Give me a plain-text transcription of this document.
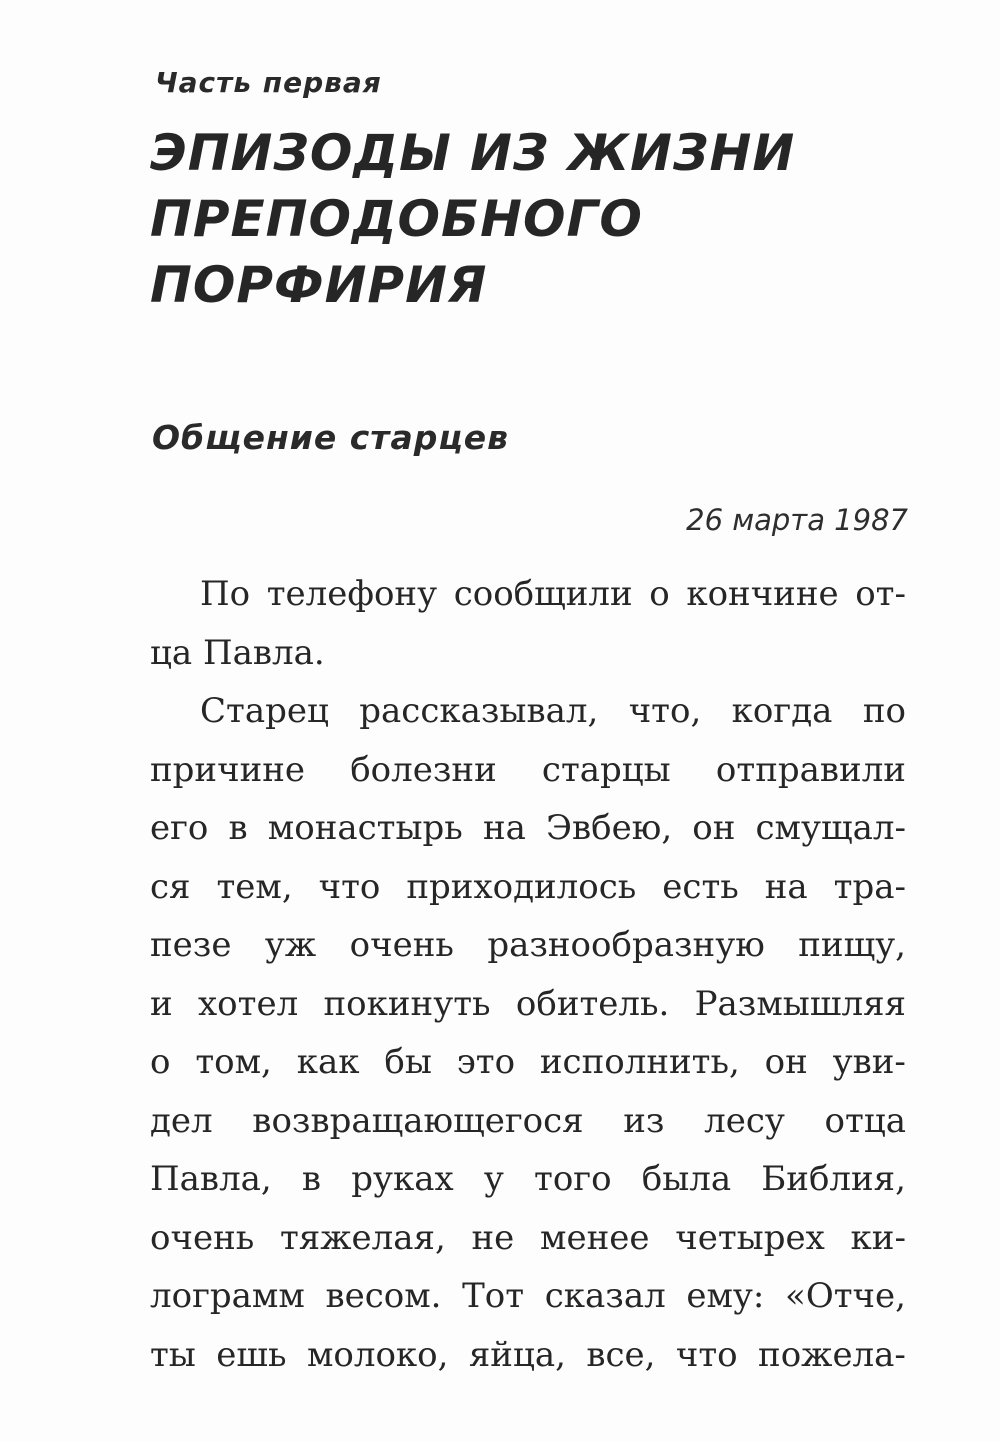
Часть первая
ЭПИЗОДЫ ИЗ ЖИЗНИ
ПРЕПОДОБНОГО ПОРФИРИЯ
Общение старцев
26 марта 1987
По телефону сообщили о кончине от-
ца Павла.
Старец рассказывал, что, когда по
причине болезни старцы отправили
его в монастырь на Эвбею, он смущал-
ся тем, что приходилось есть на тра-
пезе уж очень разнообразную пищу,
и хотел покинуть обитель. Размышляя
о том, как бы это исполнить, он уви-
дел возвращающегося из лесу отца
Павла, в руках у того была Библия,
очень тяжелая, не менее четырех ки-
лограмм весом. Тот сказал ему: «Отче,
ты ешь молоко, яйца, все, что пожела-
